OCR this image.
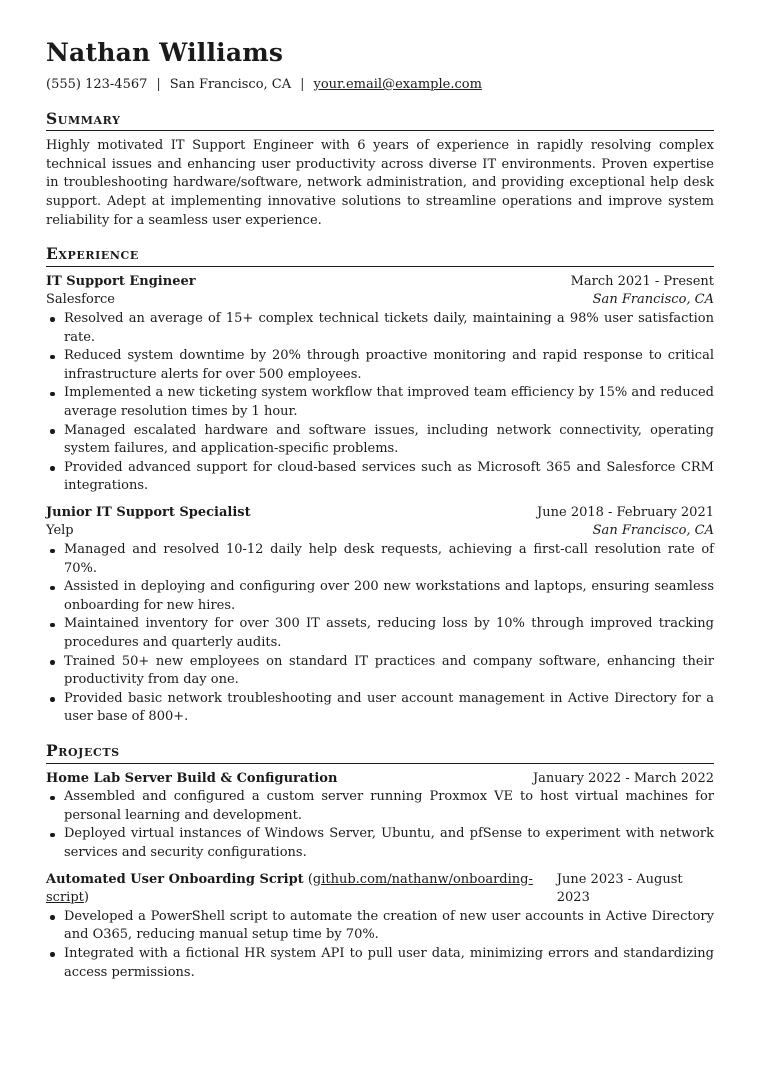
Nathan Williams
(555) 123-4567 | San Francisco, CA | your.email@example.com
Summary
Highly motivated IT Support Engineer with 6 years of experience in rapidly resolving complex technical issues and enhancing user productivity across diverse IT environments. Proven expertise in troubleshooting hardware/software, network administration, and providing exceptional help desk support. Adept at implementing innovative solutions to streamline operations and improve system reliability for a seamless user experience.
Experience
IT Support Engineer	March 2021 - Present
Salesforce	San Francisco, CA
Resolved an average of 15+ complex technical tickets daily, maintaining a 98% user satisfaction rate.
Reduced system downtime by 20% through proactive monitoring and rapid response to critical infrastructure alerts for over 500 employees.
Implemented a new ticketing system workflow that improved team efficiency by 15% and reduced average resolution times by 1 hour.
Managed escalated hardware and software issues, including network connectivity, operating system failures, and application-specific problems.
Provided advanced support for cloud-based services such as Microsoft 365 and Salesforce CRM integrations.
Junior IT Support Specialist	June 2018 - February 2021
Yelp	San Francisco, CA
Managed and resolved 10-12 daily help desk requests, achieving a first-call resolution rate of 70%.
Assisted in deploying and configuring over 200 new workstations and laptops, ensuring seamless onboarding for new hires.
Maintained inventory for over 300 IT assets, reducing loss by 10% through improved tracking procedures and quarterly audits.
Trained 50+ new employees on standard IT practices and company software, enhancing their productivity from day one.
Provided basic network troubleshooting and user account management in Active Directory for a user base of 800+.
Projects
Home Lab Server Build & Configuration	January 2022 - March 2022
Assembled and configured a custom server running Proxmox VE to host virtual machines for personal learning and development.
Deployed virtual instances of Windows Server, Ubuntu, and pfSense to experiment with network services and security configurations.
Automated User Onboarding Script (github.com/nathanw/onboarding-script)
June 2023 - August 2023
Developed a PowerShell script to automate the creation of new user accounts in Active Directory and O365, reducing manual setup time by 70%.
Integrated with a fictional HR system API to pull user data, minimizing errors and standardizing access permissions.
